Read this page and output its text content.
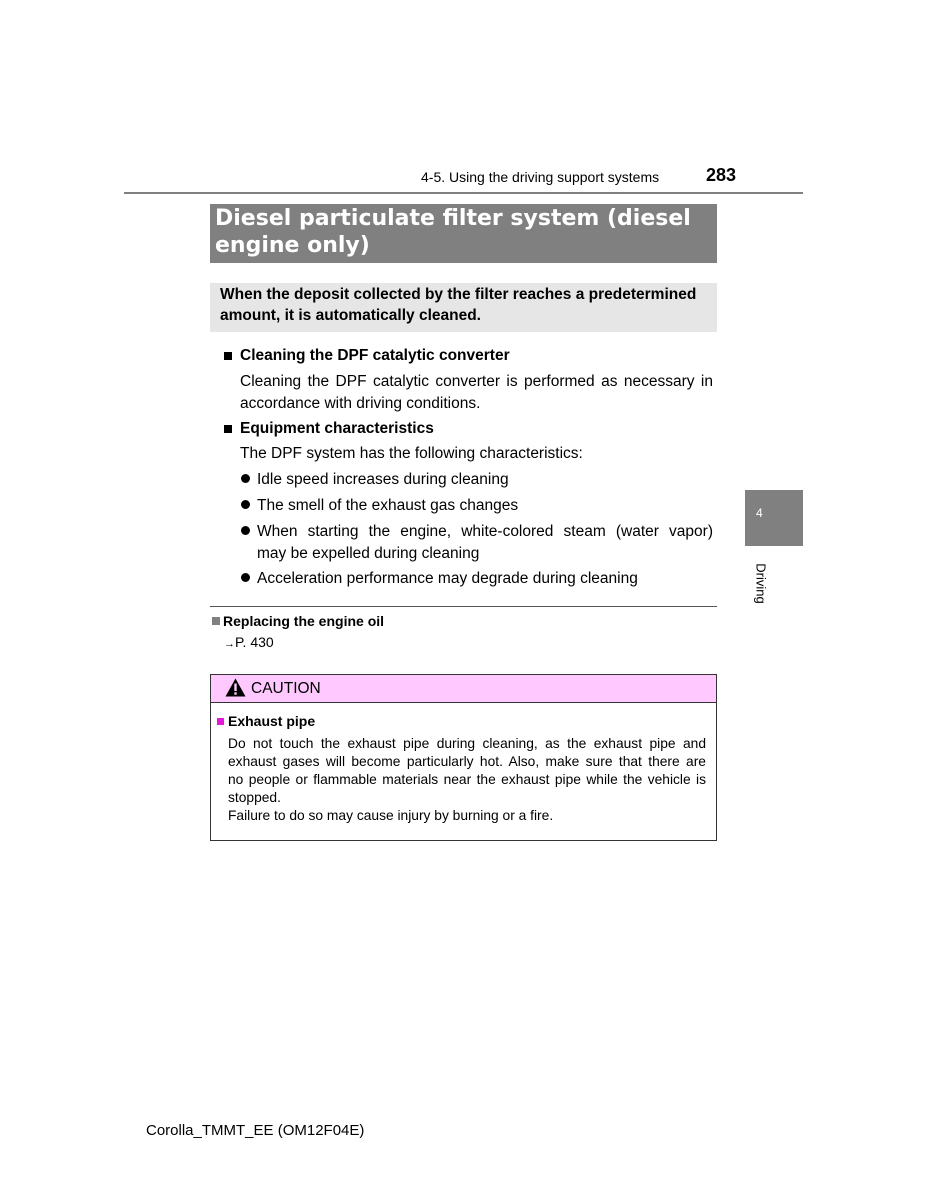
4-5. Using the driving support systems	283
4
Driving
Diesel particulate filter system (diesel
engine only)
When the deposit collected by the filter reaches a predetermined
amount, it is automatically cleaned.
Cleaning the DPF catalytic converter
Cleaning the DPF catalytic converter is performed as necessary in
accordance with driving conditions.
Equipment characteristics
The DPF system has the following characteristics:
Idle speed increases during cleaning
The smell of the exhaust gas changes
When starting the engine, white-colored steam (water vapor)
may be expelled during cleaning
Acceleration performance may degrade during cleaning
Replacing the engine oil
→P. 430
CAUTION
Exhaust pipe
Do not touch the exhaust pipe during cleaning, as the exhaust pipe and
exhaust gases will become particularly hot. Also, make sure that there are
no people or flammable materials near the exhaust pipe while the vehicle is
stopped.
Failure to do so may cause injury by burning or a fire.
Corolla_TMMT_EE (OM12F04E)
